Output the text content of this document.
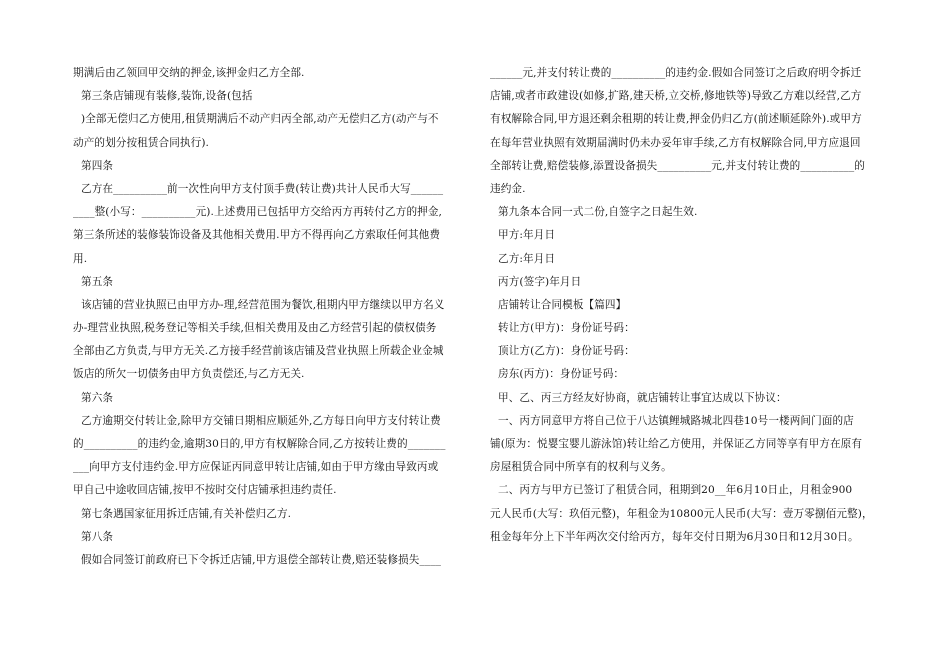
期满后由乙领回甲交纳的押金,该押金归乙方全部.
第三条店铺现有装修,装饰,设备(包括
)全部无偿归乙方使用,租赁期满后不动产归丙全部,动产无偿归乙方(动产与不
动产的划分按租赁合同执行).
第四条
乙方在__________前一次性向甲方支付顶手费(转让费)共计人民币大写______
____整(小写：__________元).上述费用已包括甲方交给丙方再转付乙方的押金,
第三条所述的装修装饰设备及其他相关费用.甲方不得再向乙方索取任何其他费
用.
第五条
该店铺的营业执照已由甲方办-理,经营范围为餐饮,租期内甲方继续以甲方名义
办-理营业执照,税务登记等相关手续,但相关费用及由乙方经营引起的债权债务
全部由乙方负责,与甲方无关.乙方接手经营前该店铺及营业执照上所载企业金城
饭店的所欠一切债务由甲方负责偿还,与乙方无关.
第六条
乙方逾期交付转让金,除甲方交铺日期相应顺延外,乙方每日向甲方支付转让费
的__________的违约金,逾期30日的,甲方有权解除合同,乙方按转让费的_______
___向甲方支付违约金.甲方应保证丙同意甲转让店铺,如由于甲方缘由导致丙或
甲自己中途收回店铺,按甲不按时交付店铺承担违约责任.
第七条遇国家征用拆迁店铺,有关补偿归乙方.
第八条
假如合同签订前政府已下令拆迁店铺,甲方退偿全部转让费,赔还装修损失____
______元,并支付转让费的__________的违约金.假如合同签订之后政府明令拆迁
店铺,或者市政建设(如修,扩路,建天桥,立交桥,修地铁等)导致乙方难以经营,乙方
有权解除合同,甲方退还剩余租期的转让费,押金仍归乙方(前述顺延除外).或甲方
在每年营业执照有效期届满时仍未办妥年审手续,乙方有权解除合同,甲方应退回
全部转让费,赔偿装修,添置设备损失__________元,并支付转让费的__________的
违约金.
第九条本合同一式二份,自签字之日起生效.
甲方:年月日
乙方:年月日
丙方(签字)年月日
店铺转让合同模板【篇四】
转让方(甲方)：身份证号码：
顶让方(乙方)：身份证号码：
房东(丙方)：身份证号码：
甲、乙、丙三方经友好协商，就店铺转让事宜达成以下协议：
一、丙方同意甲方将自己位于八达镇鲤城路城北四巷10号一楼两间门面的店
铺(原为：悦婴宝婴儿游泳馆)转让给乙方使用，并保证乙方同等享有甲方在原有
房屋租赁合同中所享有的权利与义务。
二、丙方与甲方已签订了租赁合同，租期到20__年6月10日止，月租金900
元人民币(大写：玖佰元整)，年租金为10800元人民币(大写：壹万零捌佰元整)，
租金每年分上下半年两次交付给丙方，每年交付日期为6月30日和12月30日。
